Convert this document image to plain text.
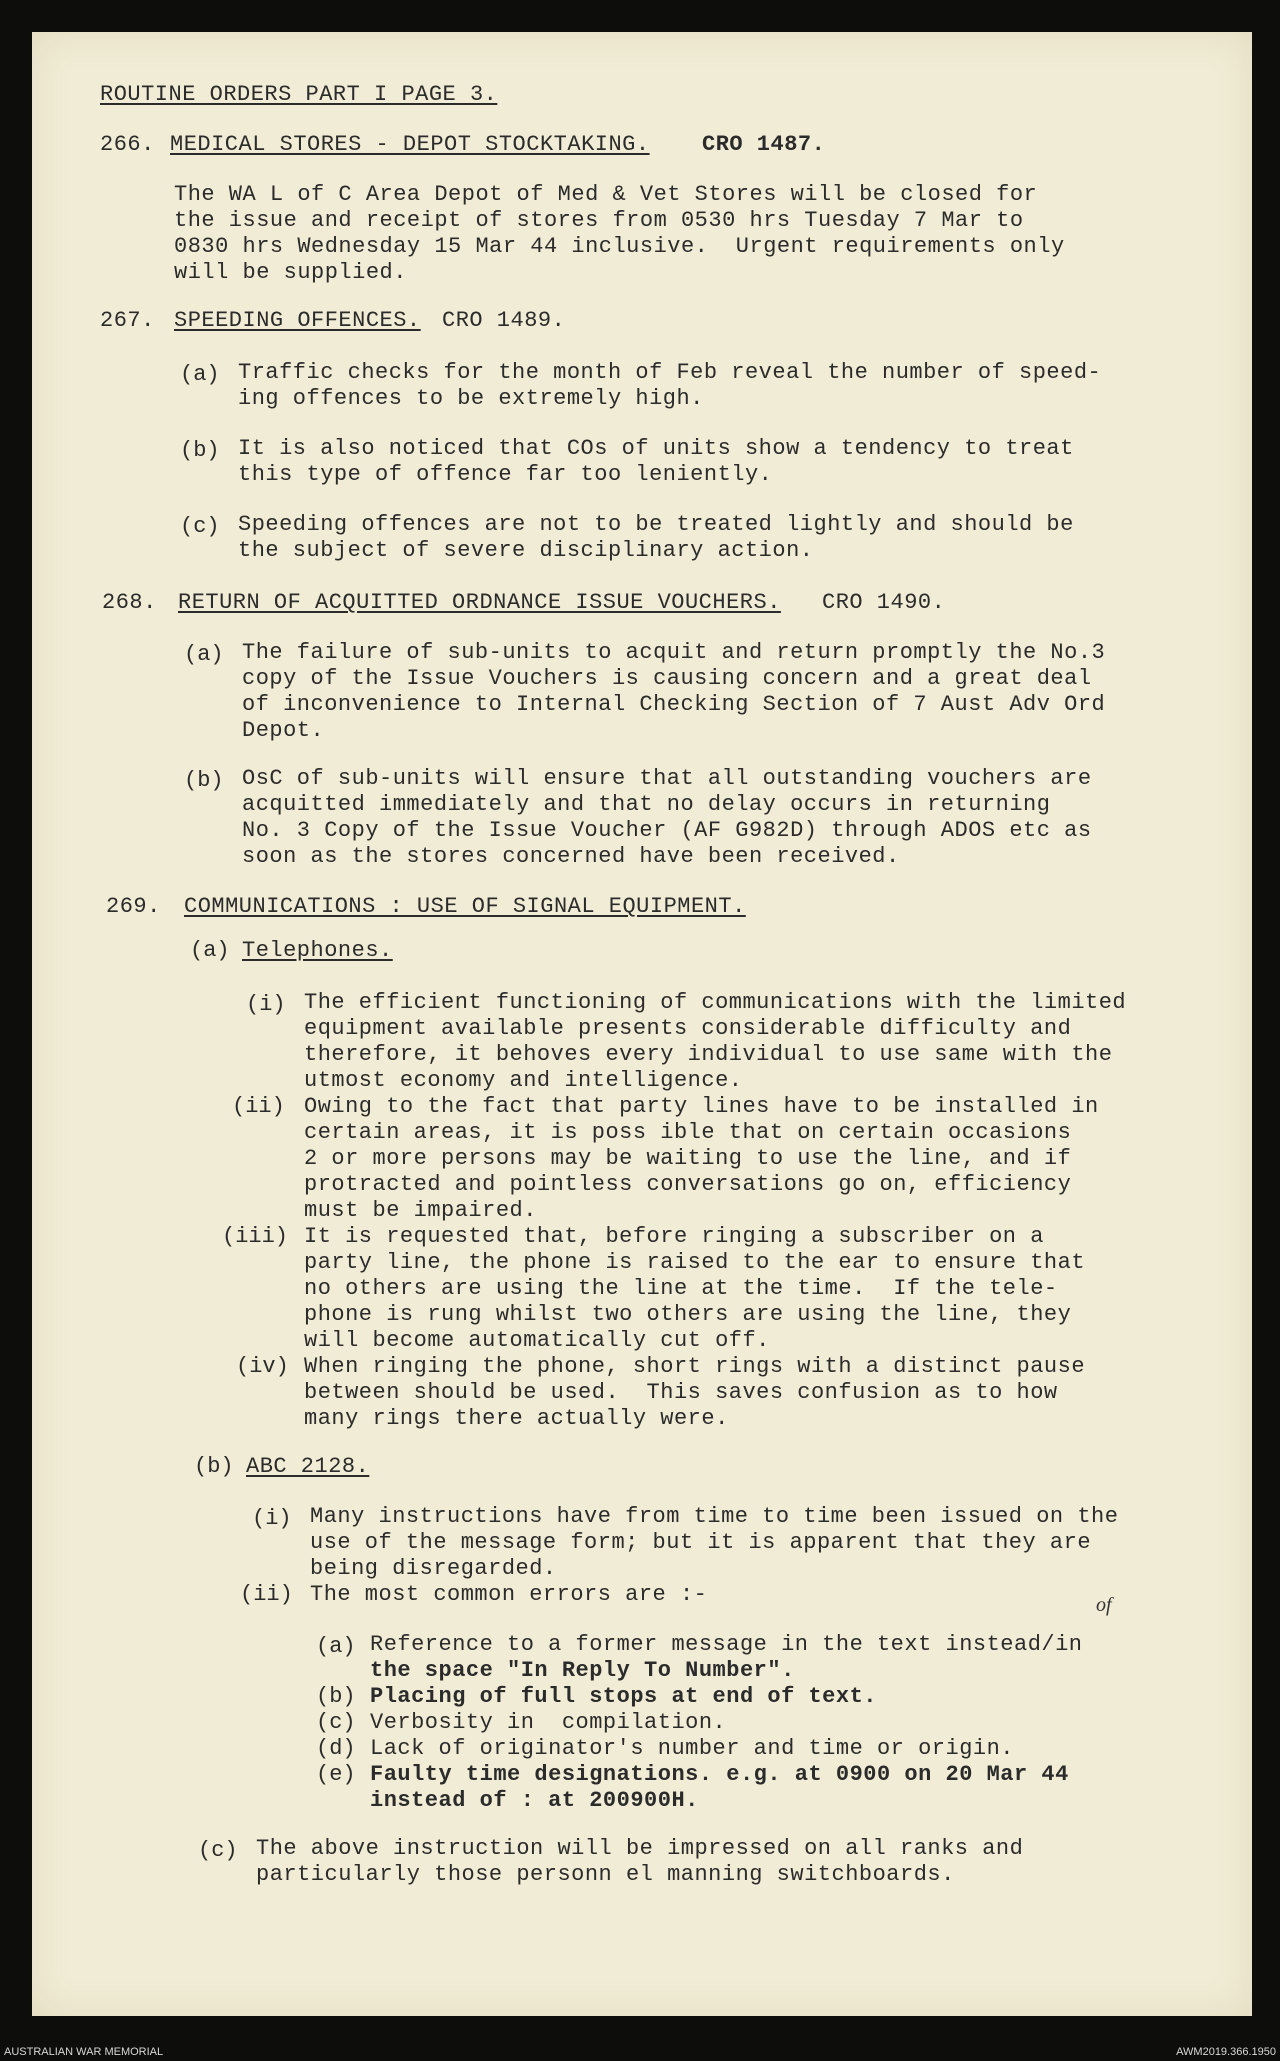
ROUTINE ORDERS PART I PAGE 3.
266. MEDICAL STORES - DEPOT STOCKTAKING. CRO 1487.
The WA L of C Area Depot of Med & Vet Stores will be closed for
the issue and receipt of stores from 0530 hrs Tuesday 7 Mar to
0830 hrs Wednesday 15 Mar 44 inclusive.  Urgent requirements only
will be supplied.
267. SPEEDING OFFENCES. CRO 1489.
(a) Traffic checks for the month of Feb reveal the number of speed-
ing offences to be extremely high.
(b) It is also noticed that COs of units show a tendency to treat
this type of offence far too leniently.
(c) Speeding offences are not to be treated lightly and should be
the subject of severe disciplinary action.
268. RETURN OF ACQUITTED ORDNANCE ISSUE VOUCHERS. CRO 1490.
(a) The failure of sub-units to acquit and return promptly the No.3
copy of the Issue Vouchers is causing concern and a great deal
of inconvenience to Internal Checking Section of 7 Aust Adv Ord
Depot.
(b) OsC of sub-units will ensure that all outstanding vouchers are
acquitted immediately and that no delay occurs in returning
No. 3 Copy of the Issue Voucher (AF G982D) through ADOS etc as
soon as the stores concerned have been received.
269. COMMUNICATIONS : USE OF SIGNAL EQUIPMENT.
(a) Telephones.
(i) The efficient functioning of communications with the limited
equipment available presents considerable difficulty and
therefore, it behoves every individual to use same with the
utmost economy and intelligence.
(ii) Owing to the fact that party lines have to be installed in
certain areas, it is poss ible that on certain occasions
2 or more persons may be waiting to use the line, and if
protracted and pointless conversations go on, efficiency
must be impaired.
(iii) It is requested that, before ringing a subscriber on a
party line, the phone is raised to the ear to ensure that
no others are using the line at the time.  If the tele-
phone is rung whilst two others are using the line, they
will become automatically cut off.
(iv) When ringing the phone, short rings with a distinct pause
between should be used.  This saves confusion as to how
many rings there actually were.
(b) ABC 2128.
(i) Many instructions have from time to time been issued on the
use of the message form; but it is apparent that they are
being disregarded.
(ii) The most common errors are :-	of
(a) Reference to a former message in the text instead/in
the space "In Reply To Number".
(b) Placing of full stops at end of text.
(c) Verbosity in  compilation.
(d) Lack of originator's number and time or origin.
(e) Faulty time designations. e.g. at 0900 on 20 Mar 44
instead of : at 200900H.
(c) The above instruction will be impressed on all ranks and
particularly those personn el manning switchboards.
AUSTRALIAN WAR MEMORIAL	AWM2019.366.1950
